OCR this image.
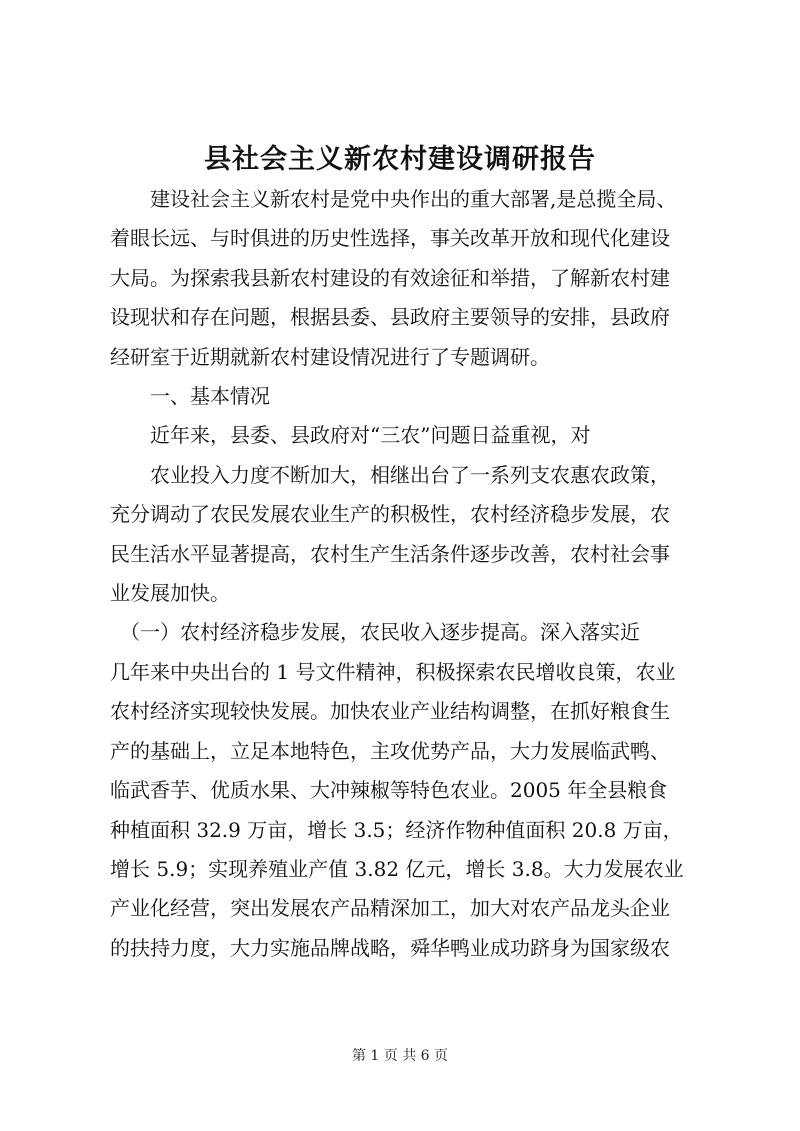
县社会主义新农村建设调研报告
　　建设社会主义新农村是党中央作出的重大部署,是总揽全局、
着眼长远、与时俱进的历史性选择，事关改革开放和现代化建设
大局。为探索我县新农村建设的有效途征和举措，了解新农村建
设现状和存在问题，根据县委、县政府主要领导的安排，县政府
经研室于近期就新农村建设情况进行了专题调研。
　　一、基本情况
　　近年来，县委、县政府对“三农”问题日益重视，对
　　农业投入力度不断加大，相继出台了一系列支农惠农政策，
充分调动了农民发展农业生产的积极性，农村经济稳步发展，农
民生活水平显著提高，农村生产生活条件逐步改善，农村社会事
业发展加快。
　（一）农村经济稳步发展，农民收入逐步提高。深入落实近
几年来中央出台的 1 号文件精神，积极探索农民增收良策，农业
农村经济实现较快发展。加快农业产业结构调整，在抓好粮食生
产的基础上，立足本地特色，主攻优势产品，大力发展临武鸭、
临武香芋、优质水果、大冲辣椒等特色农业。2005 年全县粮食
种植面积 32.9 万亩，增长 3.5；经济作物种值面积 20.8 万亩，
增长 5.9；实现养殖业产值 3.82 亿元，增长 3.8。大力发展农业
产业化经营，突出发展农产品精深加工，加大对农产品龙头企业
的扶持力度，大力实施品牌战略，舜华鸭业成功跻身为国家级农
第 1 页 共 6 页
